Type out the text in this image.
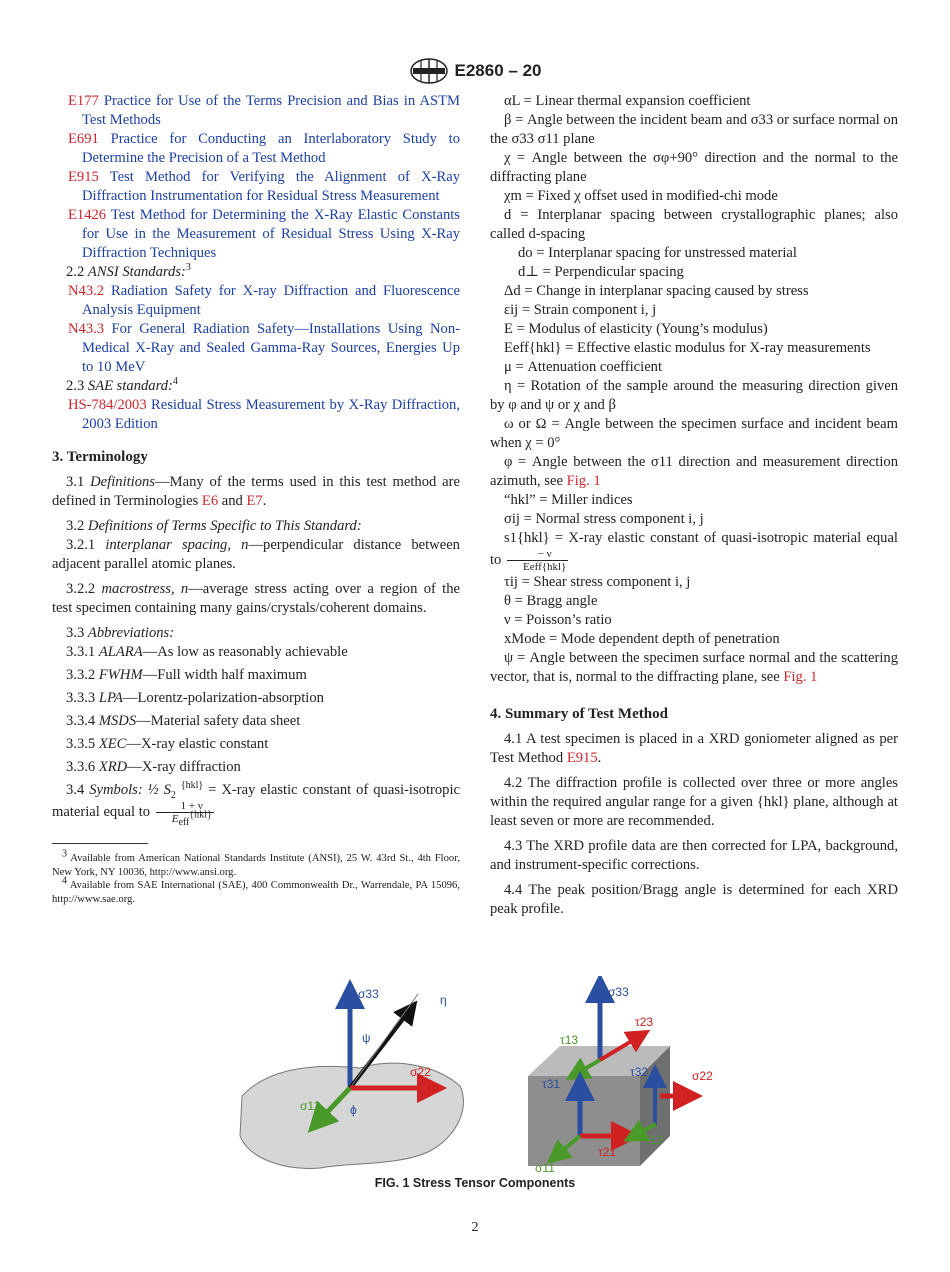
E2860 – 20

E177 Practice for Use of the Terms Precision and Bias in ASTM Test Methods

E691 Practice for Conducting an Interlaboratory Study to Determine the Precision of a Test Method

E915 Test Method for Verifying the Alignment of X-Ray Diffraction Instrumentation for Residual Stress Measurement

E1426 Test Method for Determining the X-Ray Elastic Constants for Use in the Measurement of Residual Stress Using X-Ray Diffraction Techniques

2.2 ANSI Standards:$^3$

N43.2 Radiation Safety for X-ray Diffraction and Fluorescence Analysis Equipment

N43.3 For General Radiation Safety—Installations Using Non-Medical X-Ray and Sealed Gamma-Ray Sources, Energies Up to 10 MeV

2.3 SAE standard:$^4$

HS-784/2003 Residual Stress Measurement by X-Ray Diffraction, 2003 Edition

3. Terminology

3.1 Definitions—Many of the terms used in this test method are defined in Terminologies E6 and E7.

3.2 Definitions of Terms Specific to This Standard:

3.2.1 interplanar spacing, n—perpendicular distance between adjacent parallel atomic planes.

3.2.2 macrostress, n—average stress acting over a region of the test specimen containing many gains/crystals/coherent domains.

3.3 Abbreviations:

3.3.1 ALARA—As low as reasonably achievable

3.3.2 FWHM—Full width half maximum

3.3.3 LPA—Lorentz-polarization-absorption

3.3.4 MSDS—Material safety data sheet

3.3.5 XEC—X-ray elastic constant

3.3.6 XRD—X-ray diffraction

3.4 Symbols: ½ $S_2$ $^{\{hkl\}}$ = X-ray elastic constant of quasi-isotropic material equal to $\frac{1 + \nu}{E_{eff}^{\{hkl\}}}$

$^3$ Available from American National Standards Institute (ANSI), 25 W. 43rd St., 4th Floor, New York, NY 10036, http://www.ansi.org.

$^4$ Available from SAE International (SAE), 400 Commonwealth Dr., Warrendale, PA 15096, http://www.sae.org.

αL = Linear thermal expansion coefficient

β = Angle between the incident beam and σ33 or surface normal on the σ33 σ11 plane

χ = Angle between the σφ+90° direction and the normal to the diffracting plane

χm = Fixed χ offset used in modified-chi mode

d = Interplanar spacing between crystallographic planes; also called d-spacing

do = Interplanar spacing for unstressed material

d⊥ = Perpendicular spacing

Δd = Change in interplanar spacing caused by stress

εij = Strain component i, j

E = Modulus of elasticity (Young’s modulus)

Eeff{hkl} = Effective elastic modulus for X-ray measurements

μ = Attenuation coefficient

η = Rotation of the sample around the measuring direction given by φ and ψ or χ and β

ω or Ω = Angle between the specimen surface and incident beam when χ = 0°

φ = Angle between the σ11 direction and measurement direction azimuth, see Fig. 1

“hkl” = Miller indices

σij = Normal stress component i, j

s1{hkl} = X-ray elastic constant of quasi-isotropic material equal to $\frac{- \nu}{\text{Eeff\{hkl\}}}$

τij = Shear stress component i, j

θ = Bragg angle

ν = Poisson’s ratio

xMode = Mode dependent depth of penetration

ψ = Angle between the specimen surface normal and the scattering vector, that is, normal to the diffracting plane, see Fig. 1

4. Summary of Test Method

4.1 A test specimen is placed in a XRD goniometer aligned as per Test Method E915.

4.2 The diffraction profile is collected over three or more angles within the required angular range for a given {hkl} plane, although at least seven or more are recommended.

4.3 The XRD profile data are then corrected for LPA, background, and instrument-specific corrections.

4.4 The peak position/Bragg angle is determined for each XRD peak profile.

σ33	η
ψ
σ22
σ11	ϕ
σ33
τ23
τ13
τ31
τ32	σ22
τ21
τ12
σ11
FIG. 1 Stress Tensor Components
2
